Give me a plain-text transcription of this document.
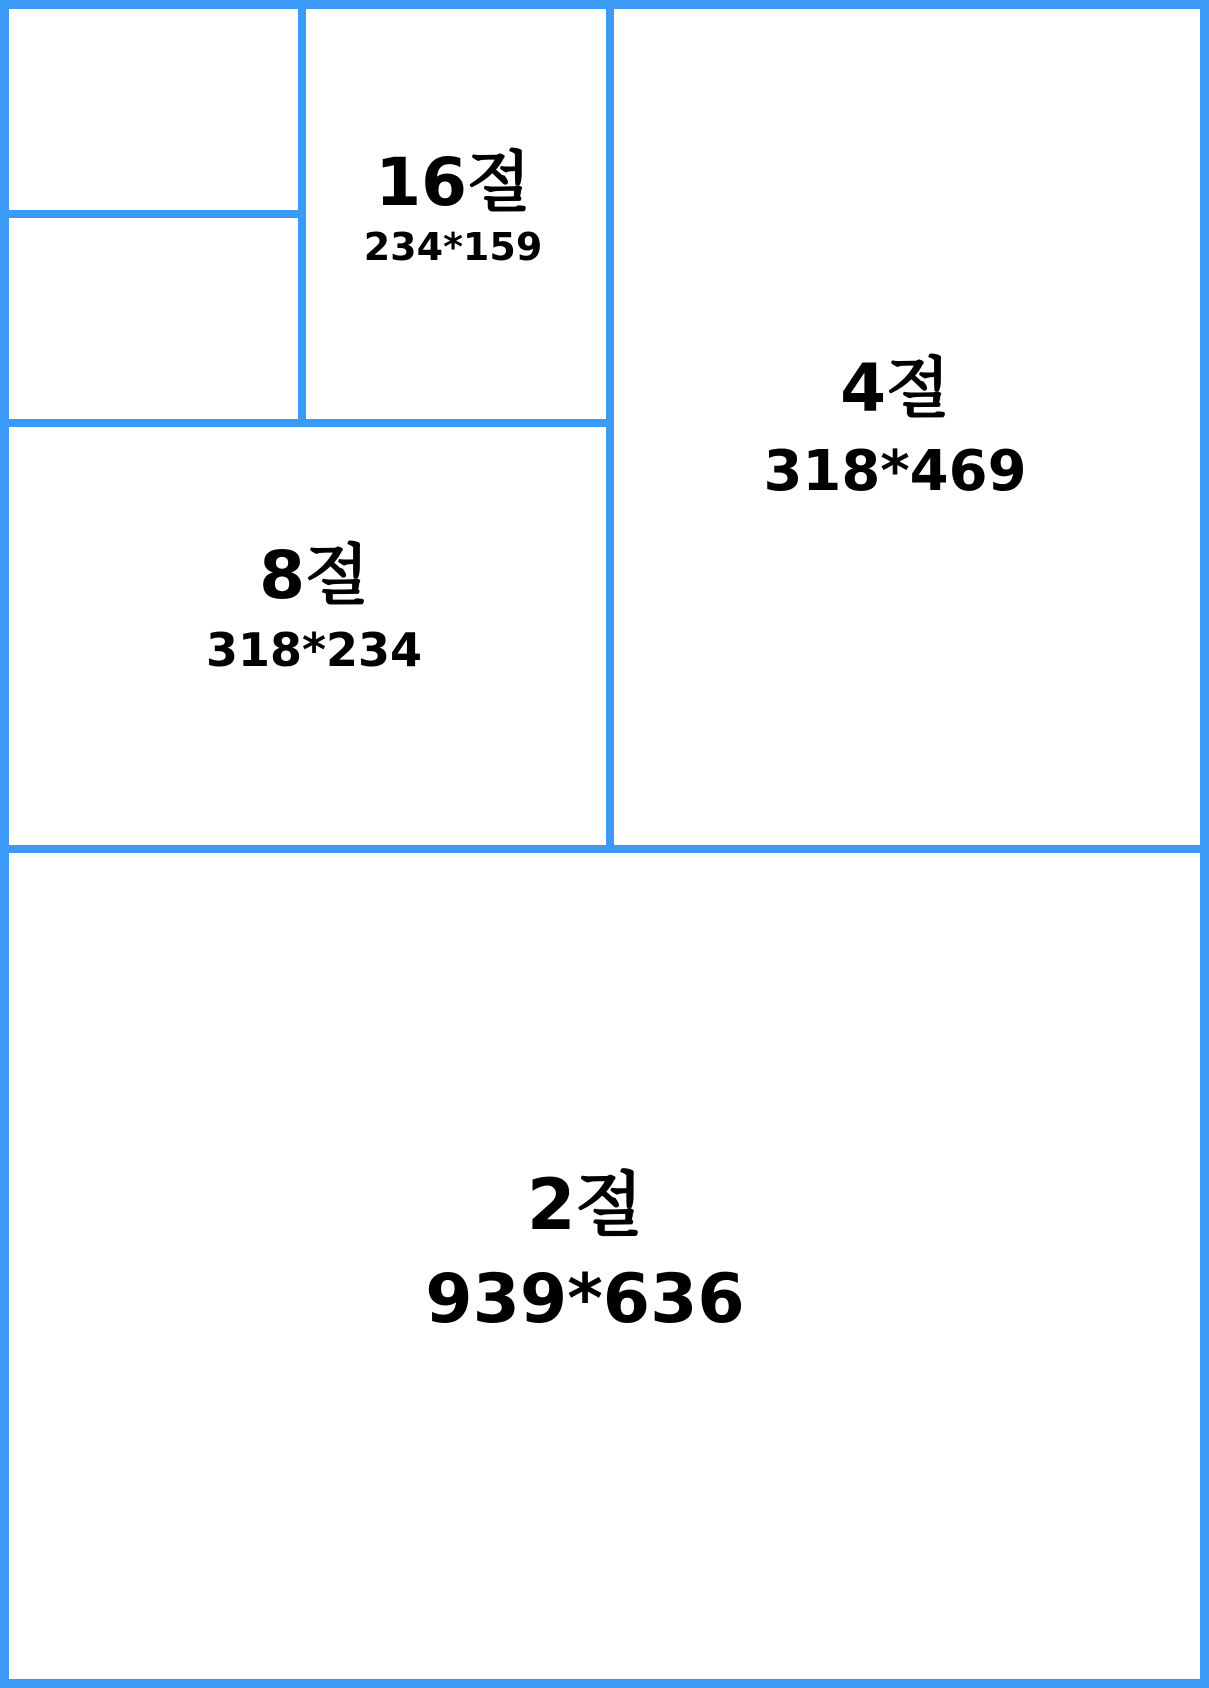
16절
234*159
4절
318*469
8절
318*234
2절
939*636
